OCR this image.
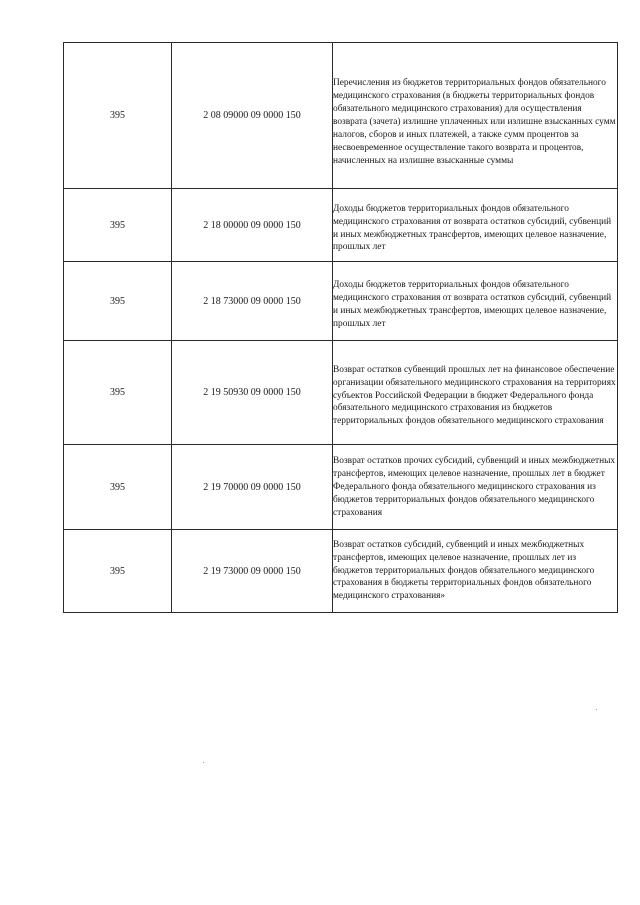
395	2 08 09000 09 0000 150	Перечисления из бюджетов территориальных фондов обязательного медицинского страхования (в бюджеты территориальных фондов обязательного медицинского страхования) для осуществления возврата (зачета) излишне уплаченных или излишне взысканных сумм налогов, сборов и иных платежей, а также сумм процентов за несвоевременное осуществление такого возврата и процентов, начисленных на излишне взысканные суммы
395	2 18 00000 09 0000 150	Доходы бюджетов территориальных фондов обязательного медицинского страхования от возврата остатков субсидий, субвенций и иных межбюджетных трансфертов, имеющих целевое назначение, прошлых лет
395	2 18 73000 09 0000 150	Доходы бюджетов территориальных фондов обязательного медицинского страхования от возврата остатков субсидий, субвенций и иных межбюджетных трансфертов, имеющих целевое назначение, прошлых лет
395	2 19 50930 09 0000 150	Возврат остатков субвенций прошлых лет на финансовое обеспечение организации обязательного медицинского страхования на территориях субъектов Российской Федерации в бюджет Федерального фонда обязательного медицинского страхования из бюджетов территориальных фондов обязательного медицинского страхования
395	2 19 70000 09 0000 150	Возврат остатков прочих субсидий, субвенций и иных межбюджетных трансфертов, имеющих целевое назначение, прошлых лет в бюджет Федерального фонда обязательного медицинского страхования из бюджетов территориальных фондов обязательного медицинского страхования
395	2 19 73000 09 0000 150	Возврат остатков субсидий, субвенций и иных межбюджетных трансфертов, имеющих целевое назначение, прошлых лет из бюджетов территориальных фондов обязательного медицинского страхования в бюджеты территориальных фондов обязательного медицинского страхования»
